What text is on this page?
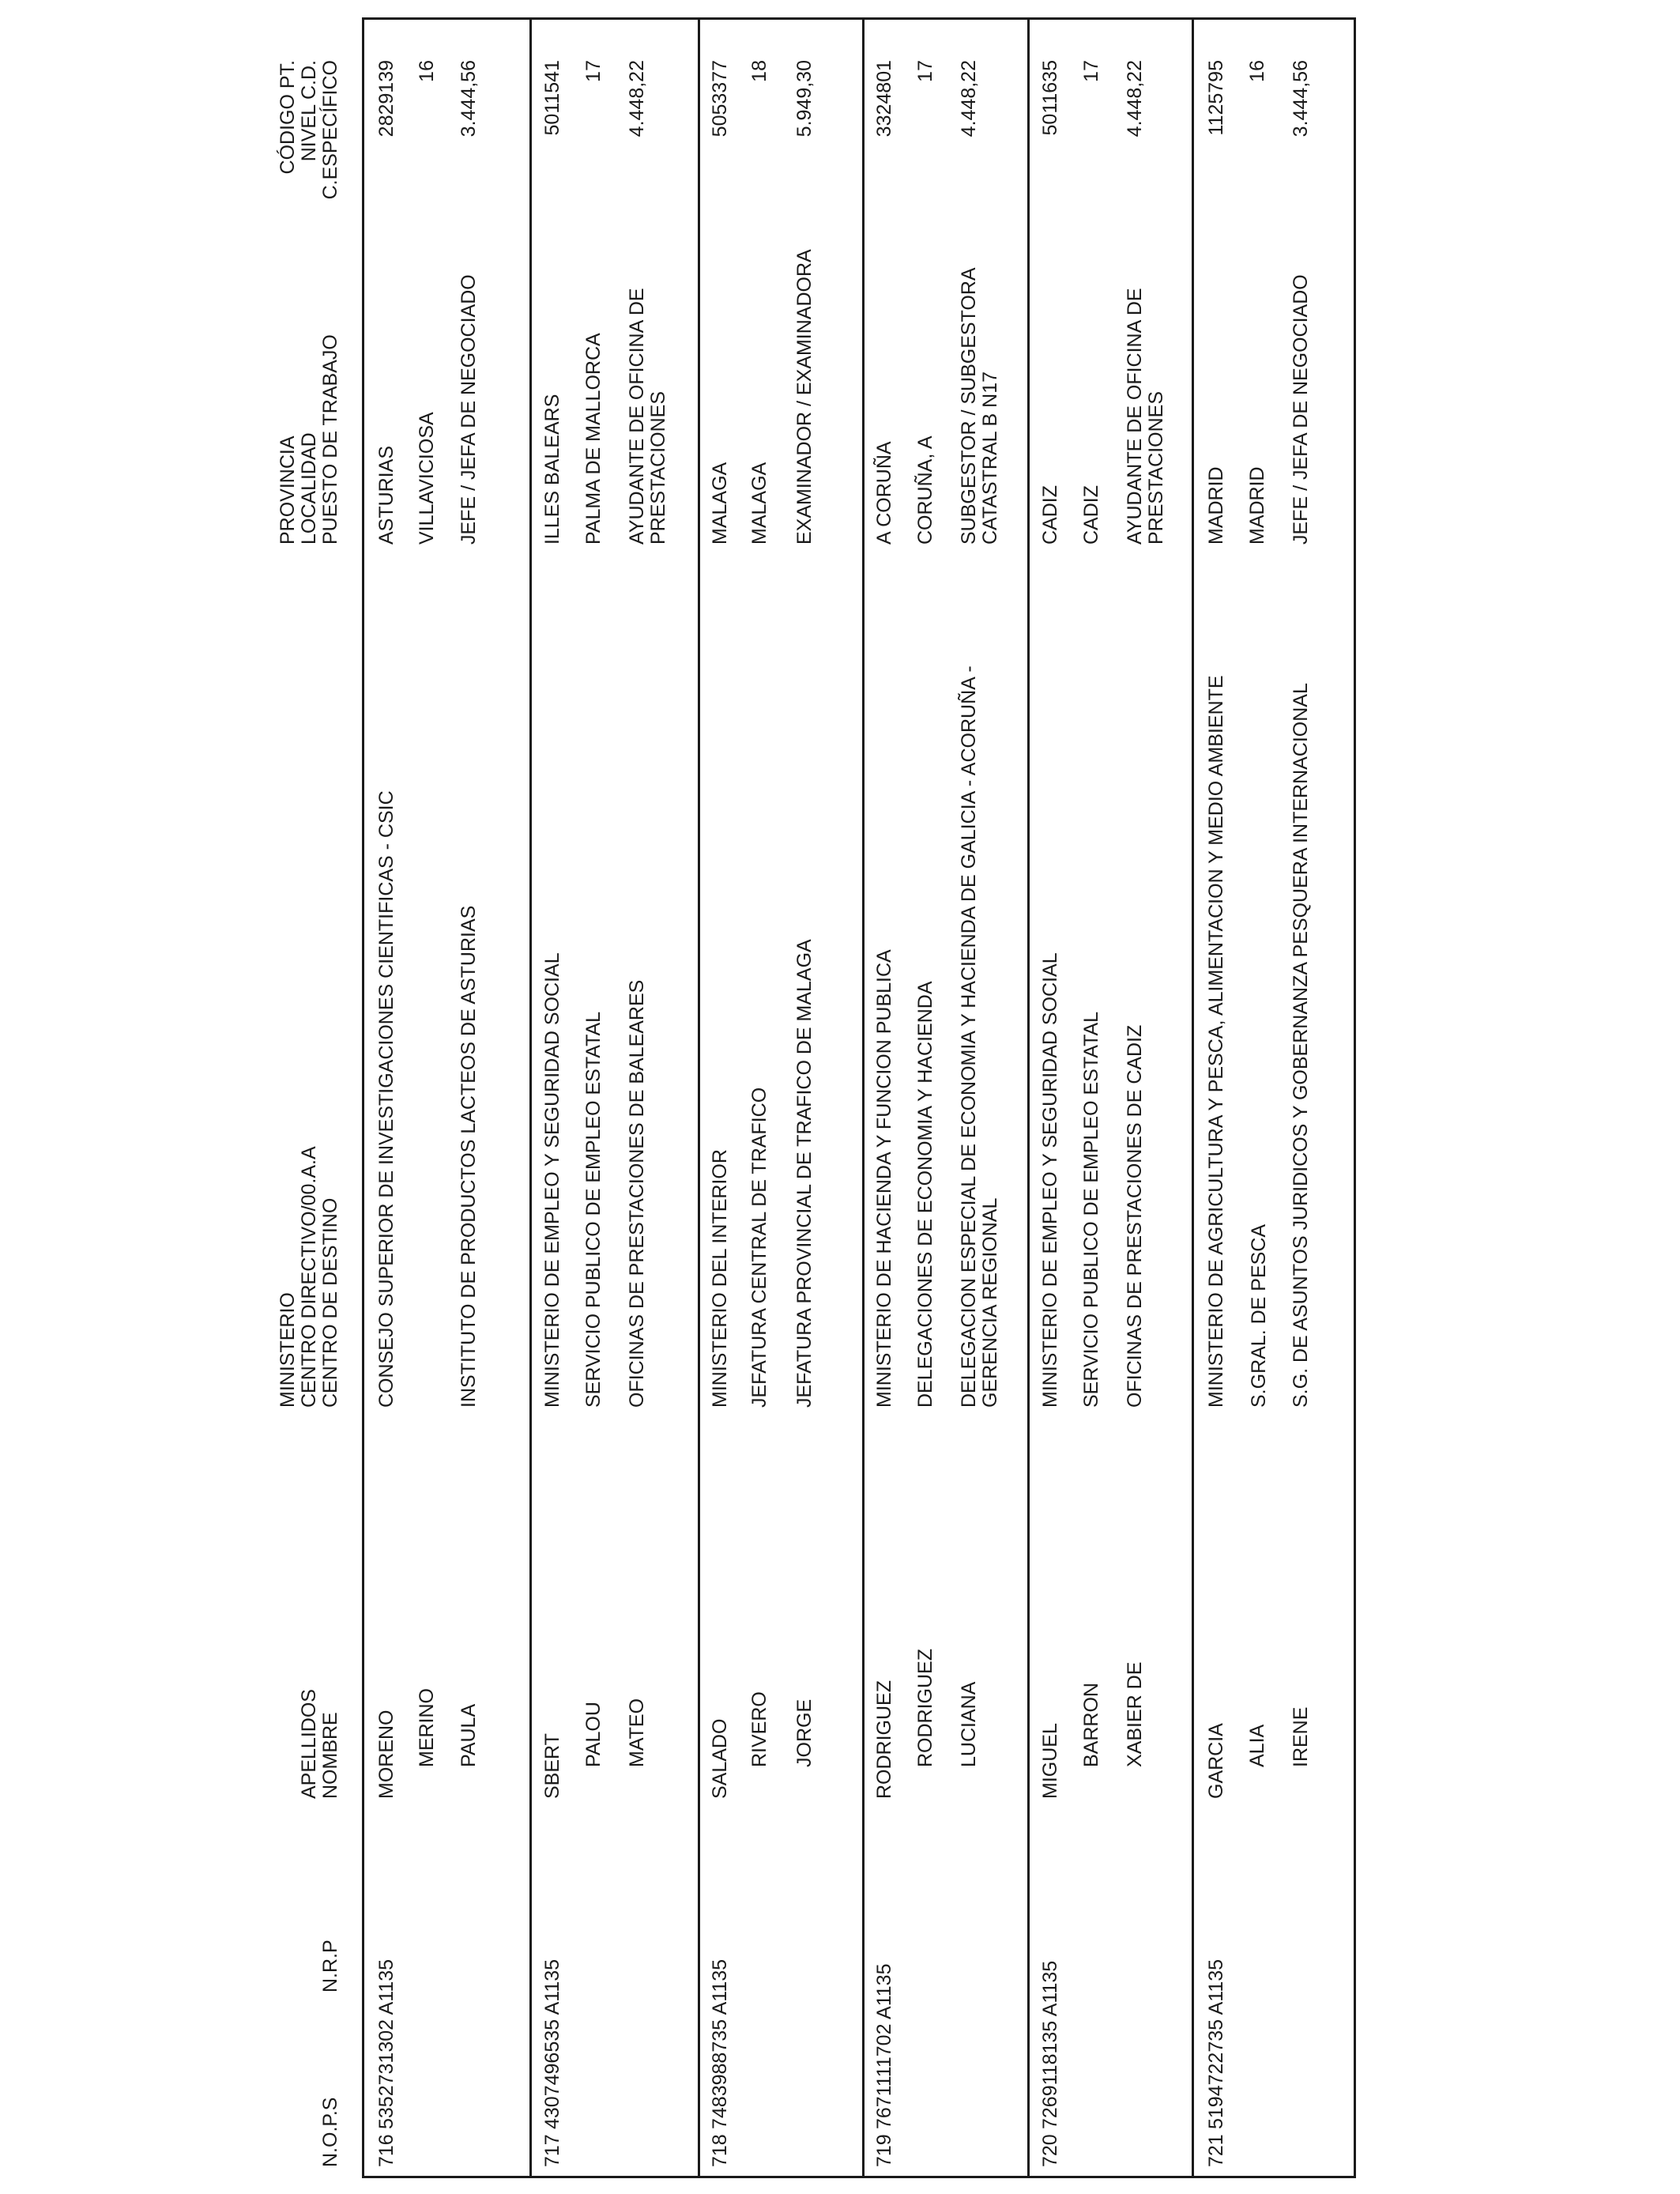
N.O.P.S
N.R.P
APELLIDOS NOMBRE
MINISTERIO CENTRO DIRECTIVO/00.A.A CENTRO DE DESTINO
PROVINCIA LOCALIDAD PUESTO DE TRABAJO
CÓDIGO PT. NIVEL C.D. C.ESPECÍFICO
716
5352731302 A1135
MORENO MERINO PAULA
CONSEJO SUPERIOR DE INVESTIGACIONES CIENTIFICAS - CSIC	INSTITUTO DE PRODUCTOS LACTEOS DE ASTURIAS
ASTURIAS VILLAVICIOSA JEFE / JEFA DE NEGOCIADO
2829139 16 3.444,56
717
4307496535 A1135
SBERT PALOU MATEO
MINISTERIO DE EMPLEO Y SEGURIDAD SOCIAL SERVICIO PUBLICO DE EMPLEO ESTATAL OFICINAS DE PRESTACIONES DE BALEARES
ILLES BALEARS PALMA DE MALLORCA AYUDANTE DE OFICINA DE PRESTACIONES
5011541 17 4.448,22
718
7483988735 A1135
SALADO RIVERO JORGE
MINISTERIO DEL INTERIOR JEFATURA CENTRAL DE TRAFICO JEFATURA PROVINCIAL DE TRAFICO DE MALAGA
MALAGA MALAGA EXAMINADOR / EXAMINADORA
5053377 18 5.949,30
719
7671111702 A1135
RODRIGUEZ RODRIGUEZ LUCIANA
MINISTERIO DE HACIENDA Y FUNCION PUBLICA DELEGACIONES DE ECONOMIA Y HACIENDA DELEGACION ESPECIAL DE ECONOMIA Y HACIENDA DE GALICIA - ACORUÑA - GERENCIA REGIONAL
A CORUÑA CORUÑA, A SUBGESTOR / SUBGESTORA CATASTRAL B N17
3324801 17 4.448,22
720
7269118135 A1135
MIGUEL BARRON XABIER DE
MINISTERIO DE EMPLEO Y SEGURIDAD SOCIAL SERVICIO PUBLICO DE EMPLEO ESTATAL OFICINAS DE PRESTACIONES DE CADIZ
CADIZ CADIZ AYUDANTE DE OFICINA DE PRESTACIONES
5011635 17 4.448,22
721
5194722735 A1135
GARCIA ALIA IRENE
MINISTERIO DE AGRICULTURA Y PESCA, ALIMENTACION Y MEDIO AMBIENTE S.GRAL. DE PESCA S.G. DE ASUNTOS JURIDICOS Y GOBERNANZA PESQUERA INTERNACIONAL
MADRID MADRID JEFE / JEFA DE NEGOCIADO
1125795 16 3.444,56
